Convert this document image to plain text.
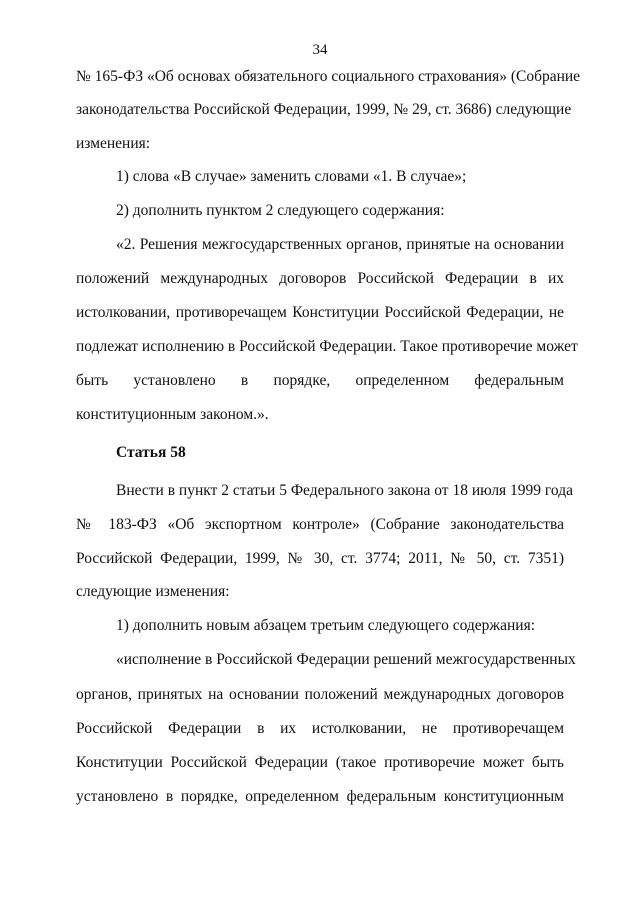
34
№ 165-ФЗ «Об основах обязательного социального страхования» (Собрание
законодательства Российской Федерации, 1999, № 29, ст. 3686) следующие
изменения:
1) слова «В случае» заменить словами «1. В случае»;
2) дополнить пунктом 2 следующего содержания:
«2. Решения межгосударственных органов, принятые на основании
положений международных договоров Российской Федерации в их
истолковании, противоречащем Конституции Российской Федерации, не
подлежат исполнению в Российской Федерации. Такое противоречие может
быть установлено в порядке, определенном федеральным
конституционным законом.».
Статья 58
Внести в пункт 2 статьи 5 Федерального закона от 18 июля 1999 года
№ 183-ФЗ «Об экспортном контроле» (Собрание законодательства
Российской Федерации, 1999, № 30, ст. 3774; 2011, № 50, ст. 7351)
следующие изменения:
1) дополнить новым абзацем третьим следующего содержания:
«исполнение в Российской Федерации решений межгосударственных
органов, принятых на основании положений международных договоров
Российской Федерации в их истолковании, не противоречащем
Конституции Российской Федерации (такое противоречие может быть
установлено в порядке, определенном федеральным конституционным
